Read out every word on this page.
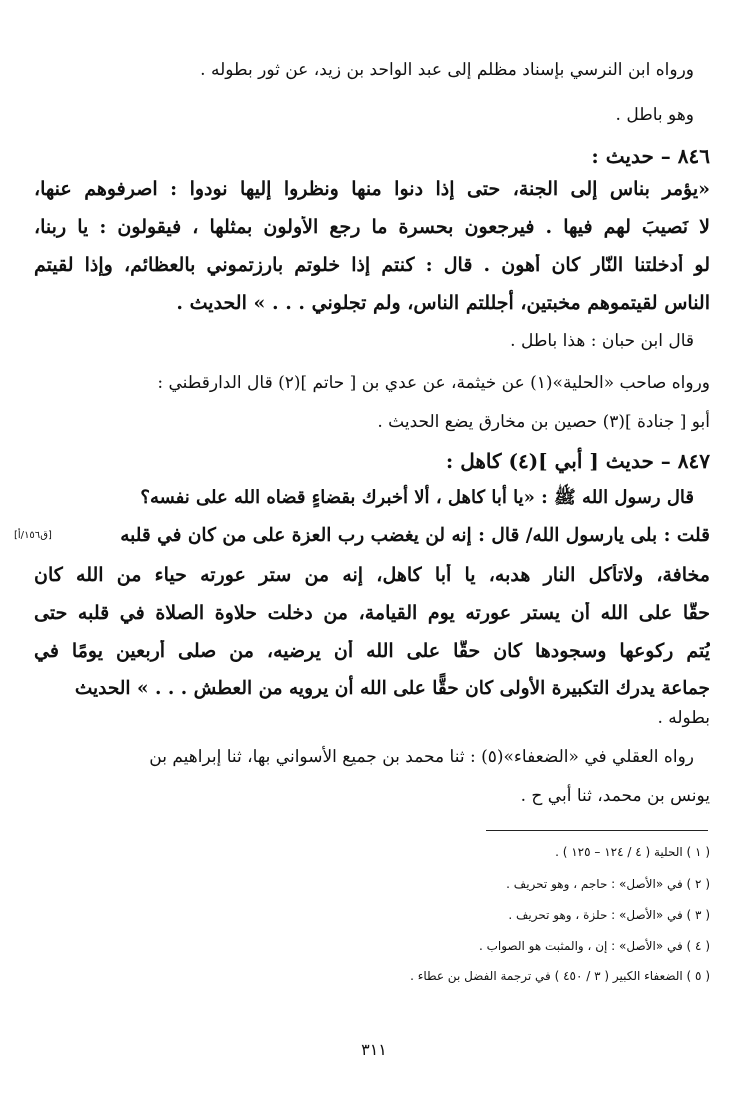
ورواه ابن النرسي بإسناد مظلم إلى عبد الواحد بن زيد، عن ثور بطوله .
وهو باطل .
٨٤٦ – حديث :
«يؤمر بناس إلى الجنة، حتى إذا دنوا منها ونظروا إليها نودوا : اصرفوهم عنها،
لا نَصيبَ لهم فيها . فيرجعون بحسرة ما رجع الأولون بمثلها ، فيقولون : يا ربنا،
لو أدخلتنا النّار كان أهون . قال : كنتم إذا خلوتم بارزتموني بالعظائم، وإذا لقيتم
الناس لقيتموهم مخبتين، أجللتم الناس، ولم تجلوني . . . » الحديث .
قال ابن حبان : هذا باطل .
ورواه صاحب «الحلية»(١) عن خيثمة، عن عدي بن [ حاتم ](٢) قال الدارقطني :
أبو [ جنادة ](٣) حصين بن مخارق يضع الحديث .
٨٤٧ – حديث [ أبي ](٤) كاهل :
قال رسول الله ﷺ : «يا أبا كاهل ، ألا أخبرك بقضاءٍ قضاه الله على نفسه؟
قلت : بلى يارسول الله/ قال : إنه لن يغضب رب العزة على من كان في قلبه
مخافة، ولاتأكل النار هدبه، يا أبا كاهل، إنه من ستر عورته حياء من الله كان
حقًّا على الله أن يستر عورته يوم القيامة، من دخلت حلاوة الصلاة في قلبه حتى
يُتم ركوعها وسجودها كان حقًّا على الله أن يرضيه، من صلى أربعين يومًا في
جماعة يدرك التكبيرة الأولى كان حقًّا على الله أن يرويه من العطش . . . » الحديث
بطوله .
رواه العقلي في «الضعفاء»(٥) : ثنا محمد بن جميع الأسواني بها، ثنا إبراهيم بن
يونس بن محمد، ثنا أبي ح .
[ق١٥٦/أ]
( ١ ) الحلية ( ٤ / ١٢٤ – ١٢٥ ) .
( ٢ ) في «الأصل» : حاجم ، وهو تحريف .
( ٣ ) في «الأصل» : حلزة ، وهو تحريف .
( ٤ ) في «الأصل» : إن ، والمثبت هو الصواب .
( ٥ ) الضعفاء الكبير ( ٣ / ٤٥٠ ) في ترجمة الفضل بن عطاء .
٣١١
